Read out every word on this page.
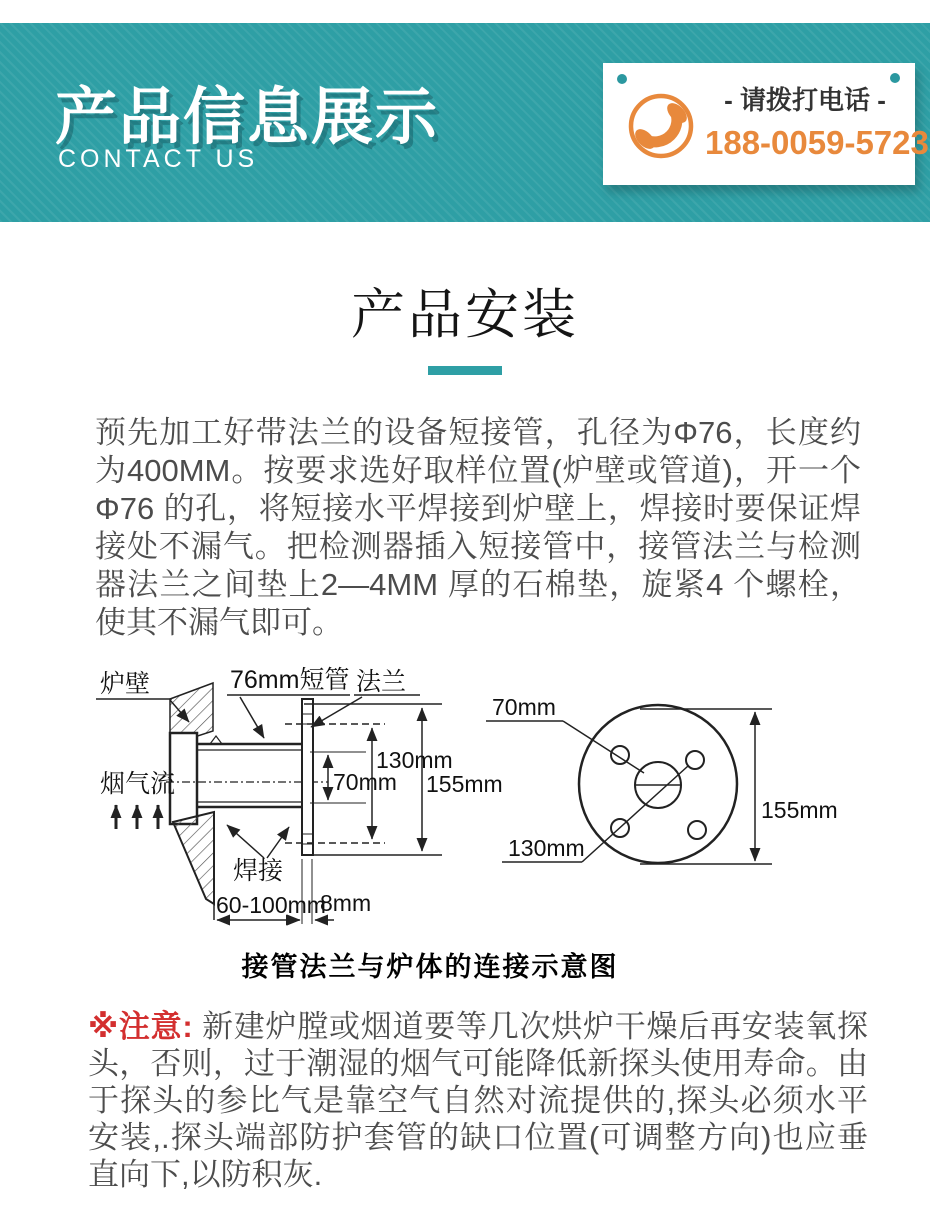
产品信息展示
CONTACT US
- 请拨打电话 -
188-0059-5723
产品安装
预先加工好带法兰的设备短接管，孔径为Φ76，长度约为400MM。按要求选好取样位置(炉壁或管道)，开一个Φ76 的孔，将短接水平焊接到炉壁上，焊接时要保证焊接处不漏气。把检测器插入短接管中，接管法兰与检测器法兰之间垫上2—4MM 厚的石棉垫，旋紧4 个螺栓，使其不漏气即可。
炉壁	76mm短管 法兰
烟气流
焊接
70mm
130mm
155mm
60-100mm
8mm
70mm
130mm
155mm
接管法兰与炉体的连接示意图
※注意: 新建炉膛或烟道要等几次烘炉干燥后再安装氧探头，否则，过于潮湿的烟气可能降低新探头使用寿命。由于探头的参比气是靠空气自然对流提供的,探头必须水平安装,.探头端部防护套管的缺口位置(可调整方向)也应垂直向下,以防积灰.
